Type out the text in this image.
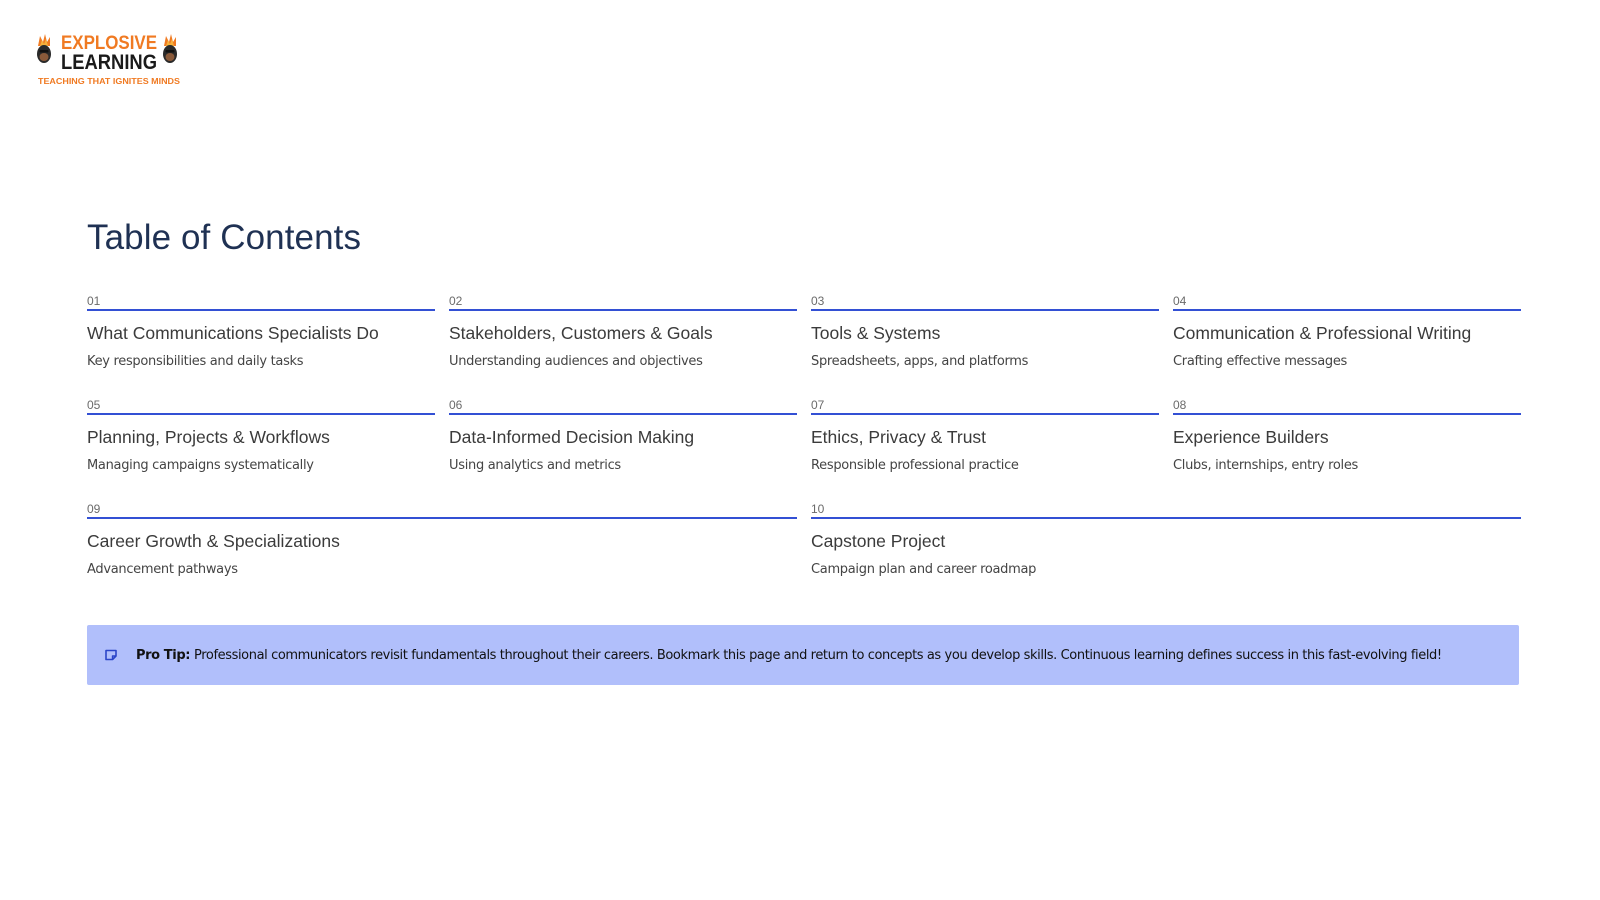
EXPLOSIVE
LEARNING
TEACHING THAT IGNITES MINDS
Table of Contents
01
What Communications Specialists Do
Key responsibilities and daily tasks
02
Stakeholders, Customers & Goals
Understanding audiences and objectives
03
Tools & Systems
Spreadsheets, apps, and platforms
04
Communication & Professional Writing
Crafting effective messages
05
Planning, Projects & Workflows
Managing campaigns systematically
06
Data-Informed Decision Making
Using analytics and metrics
07
Ethics, Privacy & Trust
Responsible professional practice
08
Experience Builders
Clubs, internships, entry roles
09
Career Growth & Specializations
Advancement pathways
10
Capstone Project
Campaign plan and career roadmap
Pro Tip: Professional communicators revisit fundamentals throughout their careers. Bookmark this page and return to concepts as you develop skills. Continuous learning defines success in this fast-evolving field!
